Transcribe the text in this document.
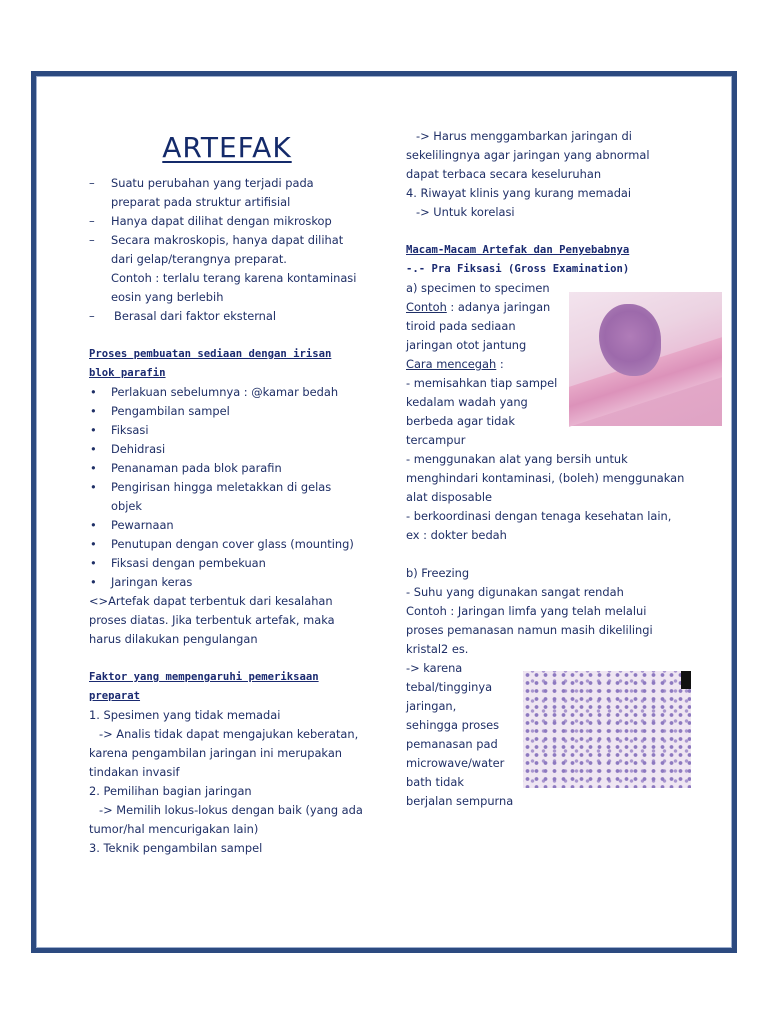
ARTEFAK
– Suatu perubahan yang terjadi pada
preparat pada struktur artifisial
– Hanya dapat dilihat dengan mikroskop
– Secara makroskopis, hanya dapat dilihat
dari gelap/terangnya preparat.
Contoh : terlalu terang karena kontaminasi
eosin yang berlebih
– Berasal dari faktor eksternal
Proses pembuatan sediaan dengan irisan
blok parafin
• Perlakuan sebelumnya : @kamar bedah
• Pengambilan sampel
• Fiksasi
• Dehidrasi
• Penanaman pada blok parafin
• Pengirisan hingga meletakkan di gelas
objek
• Pewarnaan
• Penutupan dengan cover glass (mounting)
• Fiksasi dengan pembekuan
• Jaringan keras
<>Artefak dapat terbentuk dari kesalahan
proses diatas. Jika terbentuk artefak, maka
harus dilakukan pengulangan
Faktor yang mempengaruhi pemeriksaan
preparat
1. Spesimen yang tidak memadai
-> Analis tidak dapat mengajukan keberatan,
karena pengambilan jaringan ini merupakan
tindakan invasif
2. Pemilihan bagian jaringan
-> Memilih lokus-lokus dengan baik (yang ada
tumor/hal mencurigakan lain)
3. Teknik pengambilan sampel
-> Harus menggambarkan jaringan di
sekelilingnya agar jaringan yang abnormal
dapat terbaca secara keseluruhan
4. Riwayat klinis yang kurang memadai
-> Untuk korelasi
Macam-Macam Artefak dan Penyebabnya
-.- Pra Fiksasi (Gross Examination)
a) specimen to specimen
Contoh : adanya jaringan
tiroid pada sediaan
jaringan otot jantung
Cara mencegah :
- memisahkan tiap sampel
kedalam wadah yang
berbeda agar tidak
tercampur
- menggunakan alat yang bersih untuk
menghindari kontaminasi, (boleh) menggunakan
alat disposable
- berkoordinasi dengan tenaga kesehatan lain,
ex : dokter bedah
b) Freezing
- Suhu yang digunakan sangat rendah
Contoh : Jaringan limfa yang telah melalui
proses pemanasan namun masih dikelilingi
kristal2 es.
-> karena
tebal/tingginya
jaringan,
sehingga proses
pemanasan pad
microwave/water
bath tidak
berjalan sempurna
